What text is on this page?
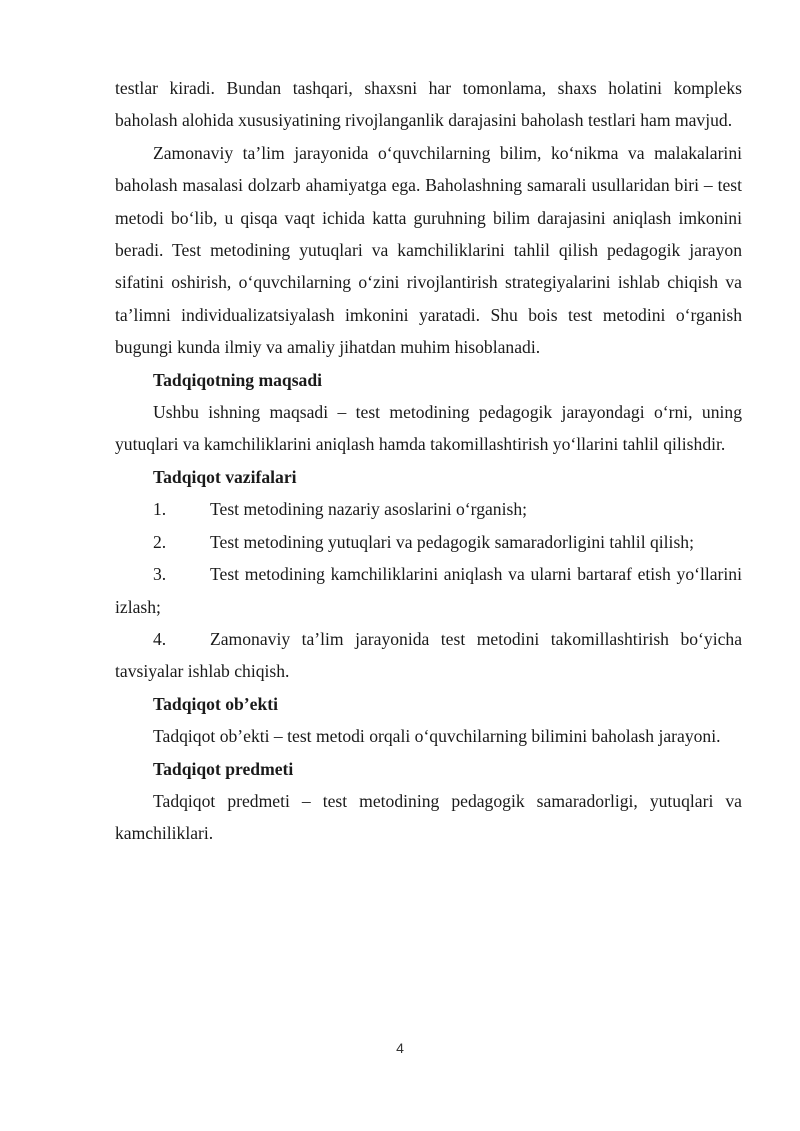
testlar kiradi. Bundan tashqari, shaxsni har tomonlama, shaxs holatini kompleks baholash alohida xususiyatining rivojlanganlik darajasini baholash testlari ham mavjud.

Zamonaviy ta’lim jarayonida o‘quvchilarning bilim, ko‘nikma va malakalarini baholash masalasi dolzarb ahamiyatga ega. Baholashning samarali usullaridan biri – test metodi bo‘lib, u qisqa vaqt ichida katta guruhning bilim darajasini aniqlash imkonini beradi. Test metodining yutuqlari va kamchiliklarini tahlil qilish pedagogik jarayon sifatini oshirish, o‘quvchilarning o‘zini rivojlantirish strategiyalarini ishlab chiqish va ta’limni individualizatsiyalash imkonini yaratadi. Shu bois test metodini o‘rganish bugungi kunda ilmiy va amaliy jihatdan muhim hisoblanadi.

Tadqiqotning maqsadi

Ushbu ishning maqsadi – test metodining pedagogik jarayondagi o‘rni, uning yutuqlari va kamchiliklarini aniqlash hamda takomillashtirish yo‘llarini tahlil qilishdir.

Tadqiqot vazifalari

1. Test metodining nazariy asoslarini o‘rganish;

2. Test metodining yutuqlari va pedagogik samaradorligini tahlil qilish;

3. Test metodining kamchiliklarini aniqlash va ularni bartaraf etish yo‘llarini izlash;

4. Zamonaviy ta’lim jarayonida test metodini takomillashtirish bo‘yicha tavsiyalar ishlab chiqish.

Tadqiqot ob’ekti

Tadqiqot ob’ekti – test metodi orqali o‘quvchilarning bilimini baholash jarayoni.

Tadqiqot predmeti

Tadqiqot predmeti – test metodining pedagogik samaradorligi, yutuqlari va kamchiliklari.

4
